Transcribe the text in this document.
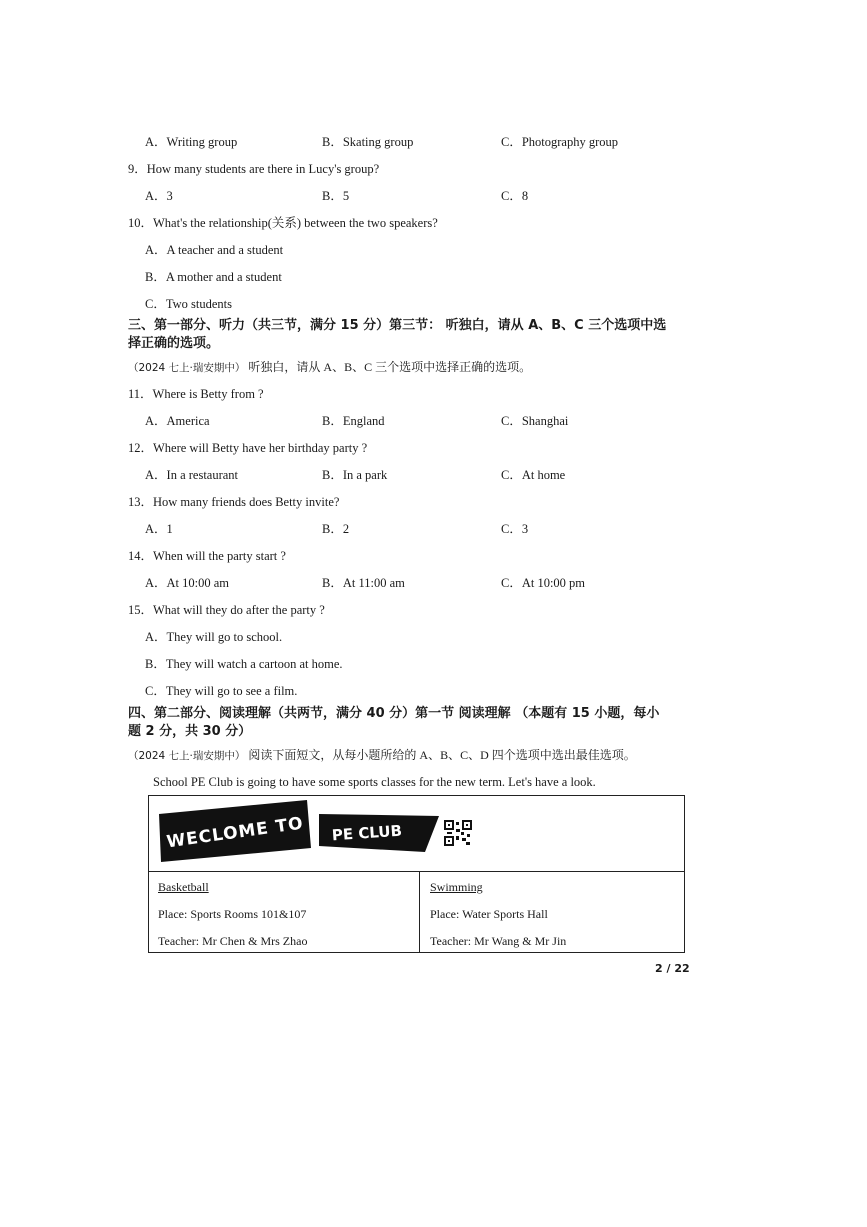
A．Writing group	B．Skating group	C．Photography group
9．How many students are there in Lucy's group?
A．3	B．5	C．8
10．What's the relationship(关系) between the two speakers?
A．A teacher and a student
B．A mother and a student
C．Two students
三、第一部分、听力（共三节，满分 15 分）第三节： 听独白，请从 A、B、C 三个选项中选
择正确的选项。
（2024 七上·瑞安期中） 听独白，请从 A、B、C 三个选项中选择正确的选项。
11．Where is Betty from ?
A．America	B．England	C．Shanghai
12．Where will Betty have her birthday party ?
A．In a restaurant	B．In a park	C．At home
13．How many friends does Betty invite?
A．1	B．2	C．3
14．When will the party start ?
A．At 10:00 am	B．At 11:00 am	C．At 10:00 pm
15．What will they do after the party ?
A．They will go to school.
B．They will watch a cartoon at home.
C．They will go to see a film.
四、第二部分、阅读理解（共两节，满分 40 分）第一节 阅读理解 （本题有 15 小题，每小
题 2 分，共 30 分）
（2024 七上·瑞安期中） 阅读下面短文，从每小题所给的 A、B、C、D 四个选项中选出最佳选项。
School PE Club is going to have some sports classes for the new term. Let's have a look.
WECLOME TO PE CLUB
Basketball
Place: Sports Rooms 101&107
Teacher: Mr Chen & Mrs Zhao
Swimming
Place: Water Sports Hall
Teacher: Mr Wang & Mr Jin
2 / 22
